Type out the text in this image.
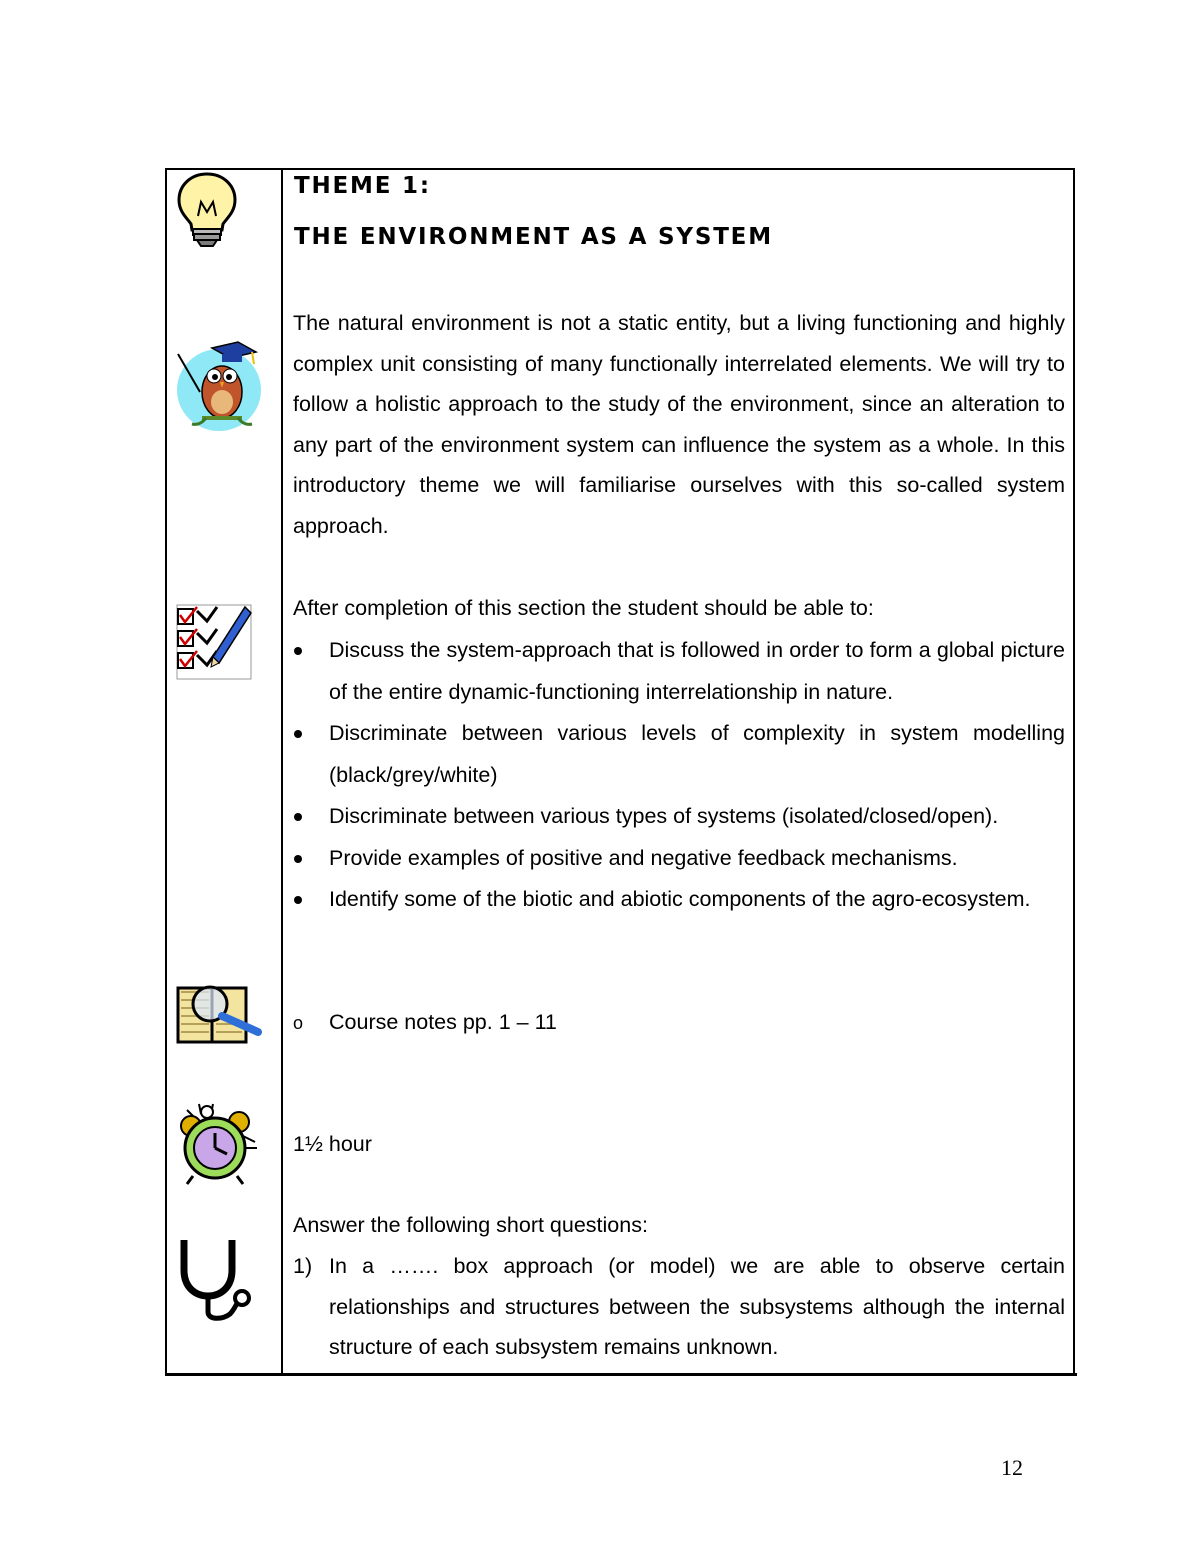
THEME 1:
THE ENVIRONMENT AS A SYSTEM

The natural environment is not a static entity, but a living functioning and highly complex unit consisting of many functionally interrelated elements. We will try to follow a holistic approach to the study of the environment, since an alteration to any part of the environment system can influence the system as a whole. In this introductory theme we will familiarise ourselves with this so-called system approach.

After completion of this section the student should be able to:
Discuss the system-approach that is followed in order to form a global picture of the entire dynamic-functioning interrelationship in nature.
Discriminate between various levels of complexity in system modelling (black/grey/white)
Discriminate between various types of systems (isolated/closed/open).
Provide examples of positive and negative feedback mechanisms.
Identify some of the biotic and abiotic components of the agro-ecosystem.
o Course notes pp. 1 – 11
1½ hour
Answer the following short questions:
1) In a ……. box approach (or model) we are able to observe certain relationships and structures between the subsystems although the internal structure of each subsystem remains unknown.
12
